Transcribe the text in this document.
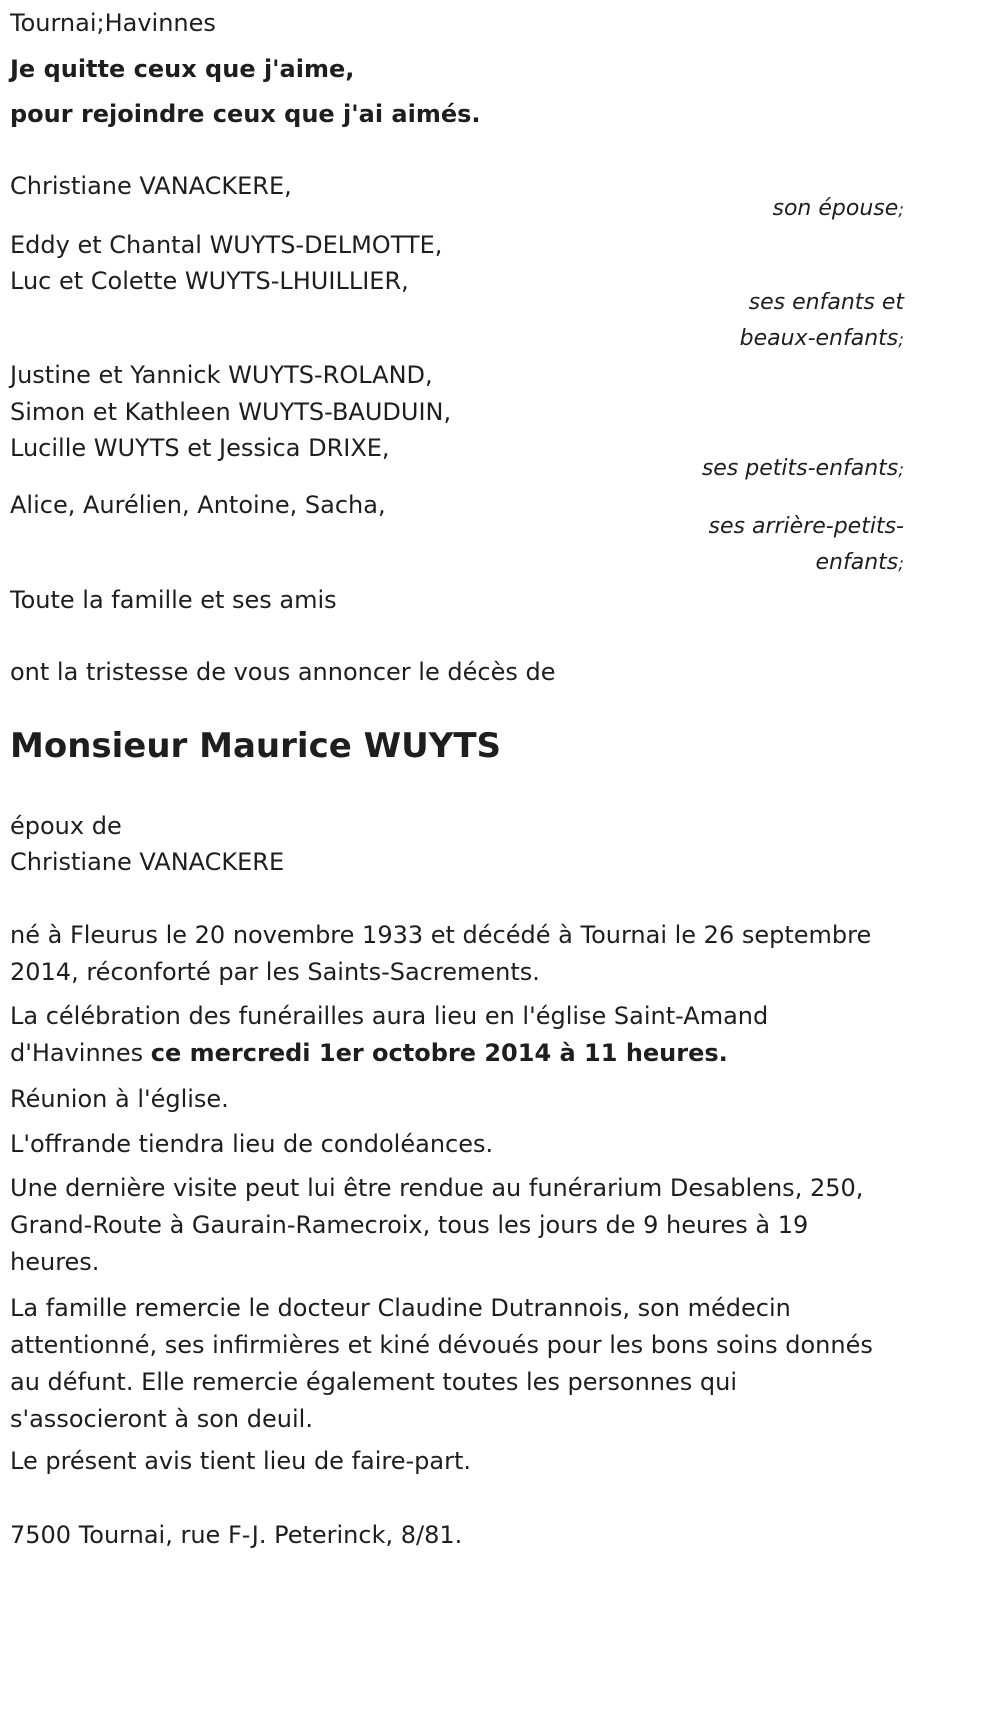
Tournai;Havinnes

Je quitte ceux que j'aime,

pour rejoindre ceux que j'ai aimés.

Christiane VANACKERE,

son épouse;

Eddy et Chantal WUYTS-DELMOTTE,

Luc et Colette WUYTS-LHUILLIER,

ses enfants et beaux-enfants;

Justine et Yannick WUYTS-ROLAND,

Simon et Kathleen WUYTS-BAUDUIN,

Lucille WUYTS et Jessica DRIXE,

ses petits-enfants;

Alice, Aurélien, Antoine, Sacha,

ses arrière-petits-enfants;

Toute la famille et ses amis

ont la tristesse de vous annoncer le décès de

Monsieur Maurice WUYTS

époux de

Christiane VANACKERE

né à Fleurus le 20 novembre 1933 et décédé à Tournai le 26 septembre 2014, réconforté par les Saints-Sacrements.

La célébration des funérailles aura lieu en l'église Saint-Amand d'Havinnes ce mercredi 1er octobre 2014 à 11 heures.

Réunion à l'église.

L'offrande tiendra lieu de condoléances.

Une dernière visite peut lui être rendue au funérarium Desablens, 250, Grand-Route à Gaurain-Ramecroix, tous les jours de 9 heures à 19 heures.

La famille remercie le docteur Claudine Dutrannois, son médecin attentionné, ses infirmières et kiné dévoués pour les bons soins donnés au défunt. Elle remercie également toutes les personnes qui s'associeront à son deuil.

Le présent avis tient lieu de faire-part.

7500 Tournai, rue F-J. Peterinck, 8/81.
